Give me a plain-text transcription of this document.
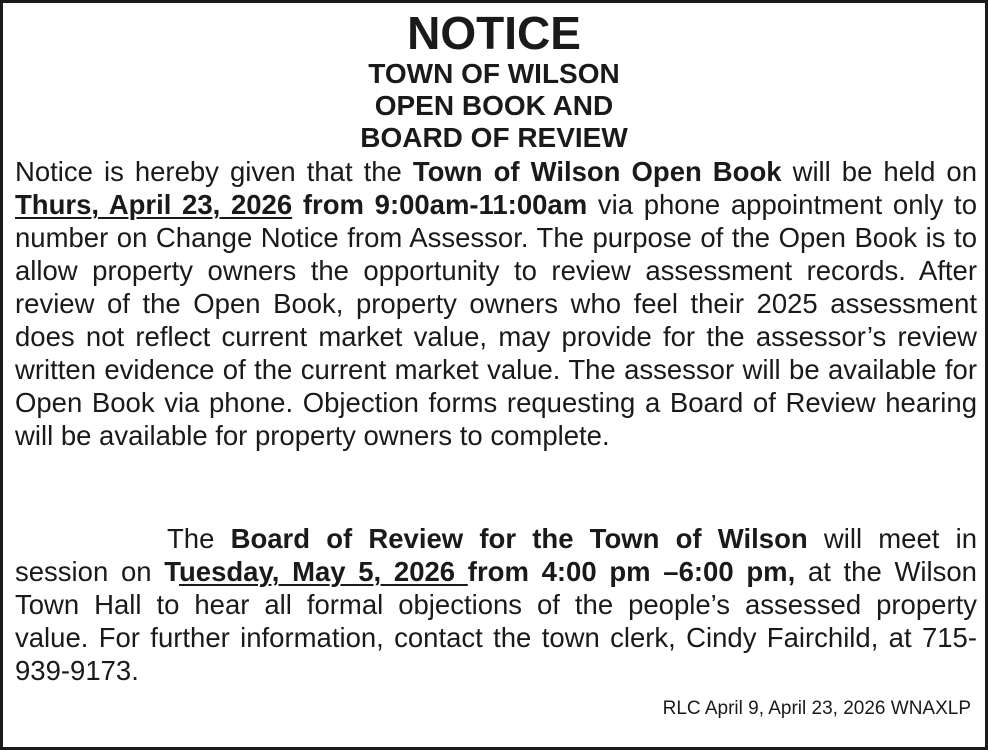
NOTICE
TOWN OF WILSON
OPEN BOOK AND
BOARD OF REVIEW

Notice is hereby given that the Town of Wilson Open Book will be held on Thurs, April 23, 2026 from 9:00am-11:00am via phone appointment only to number on Change Notice from Assessor. The purpose of the Open Book is to allow property owners the opportunity to review assessment records. After review of the Open Book, property owners who feel their 2025 assessment does not reflect current market value, may provide for the assessor’s review written evidence of the current market value. The assessor will be available for Open Book via phone. Objection forms requesting a Board of Review hearing will be available for property owners to complete.

The Board of Review for the Town of Wilson will meet in session on Tuesday, May 5, 2026 from 4:00 pm –6:00 pm, at the Wilson Town Hall to hear all formal objections of the people’s assessed property value. For further information, contact the town clerk, Cindy Fairchild, at 715-939-9173.

RLC April 9, April 23, 2026 WNAXLP
